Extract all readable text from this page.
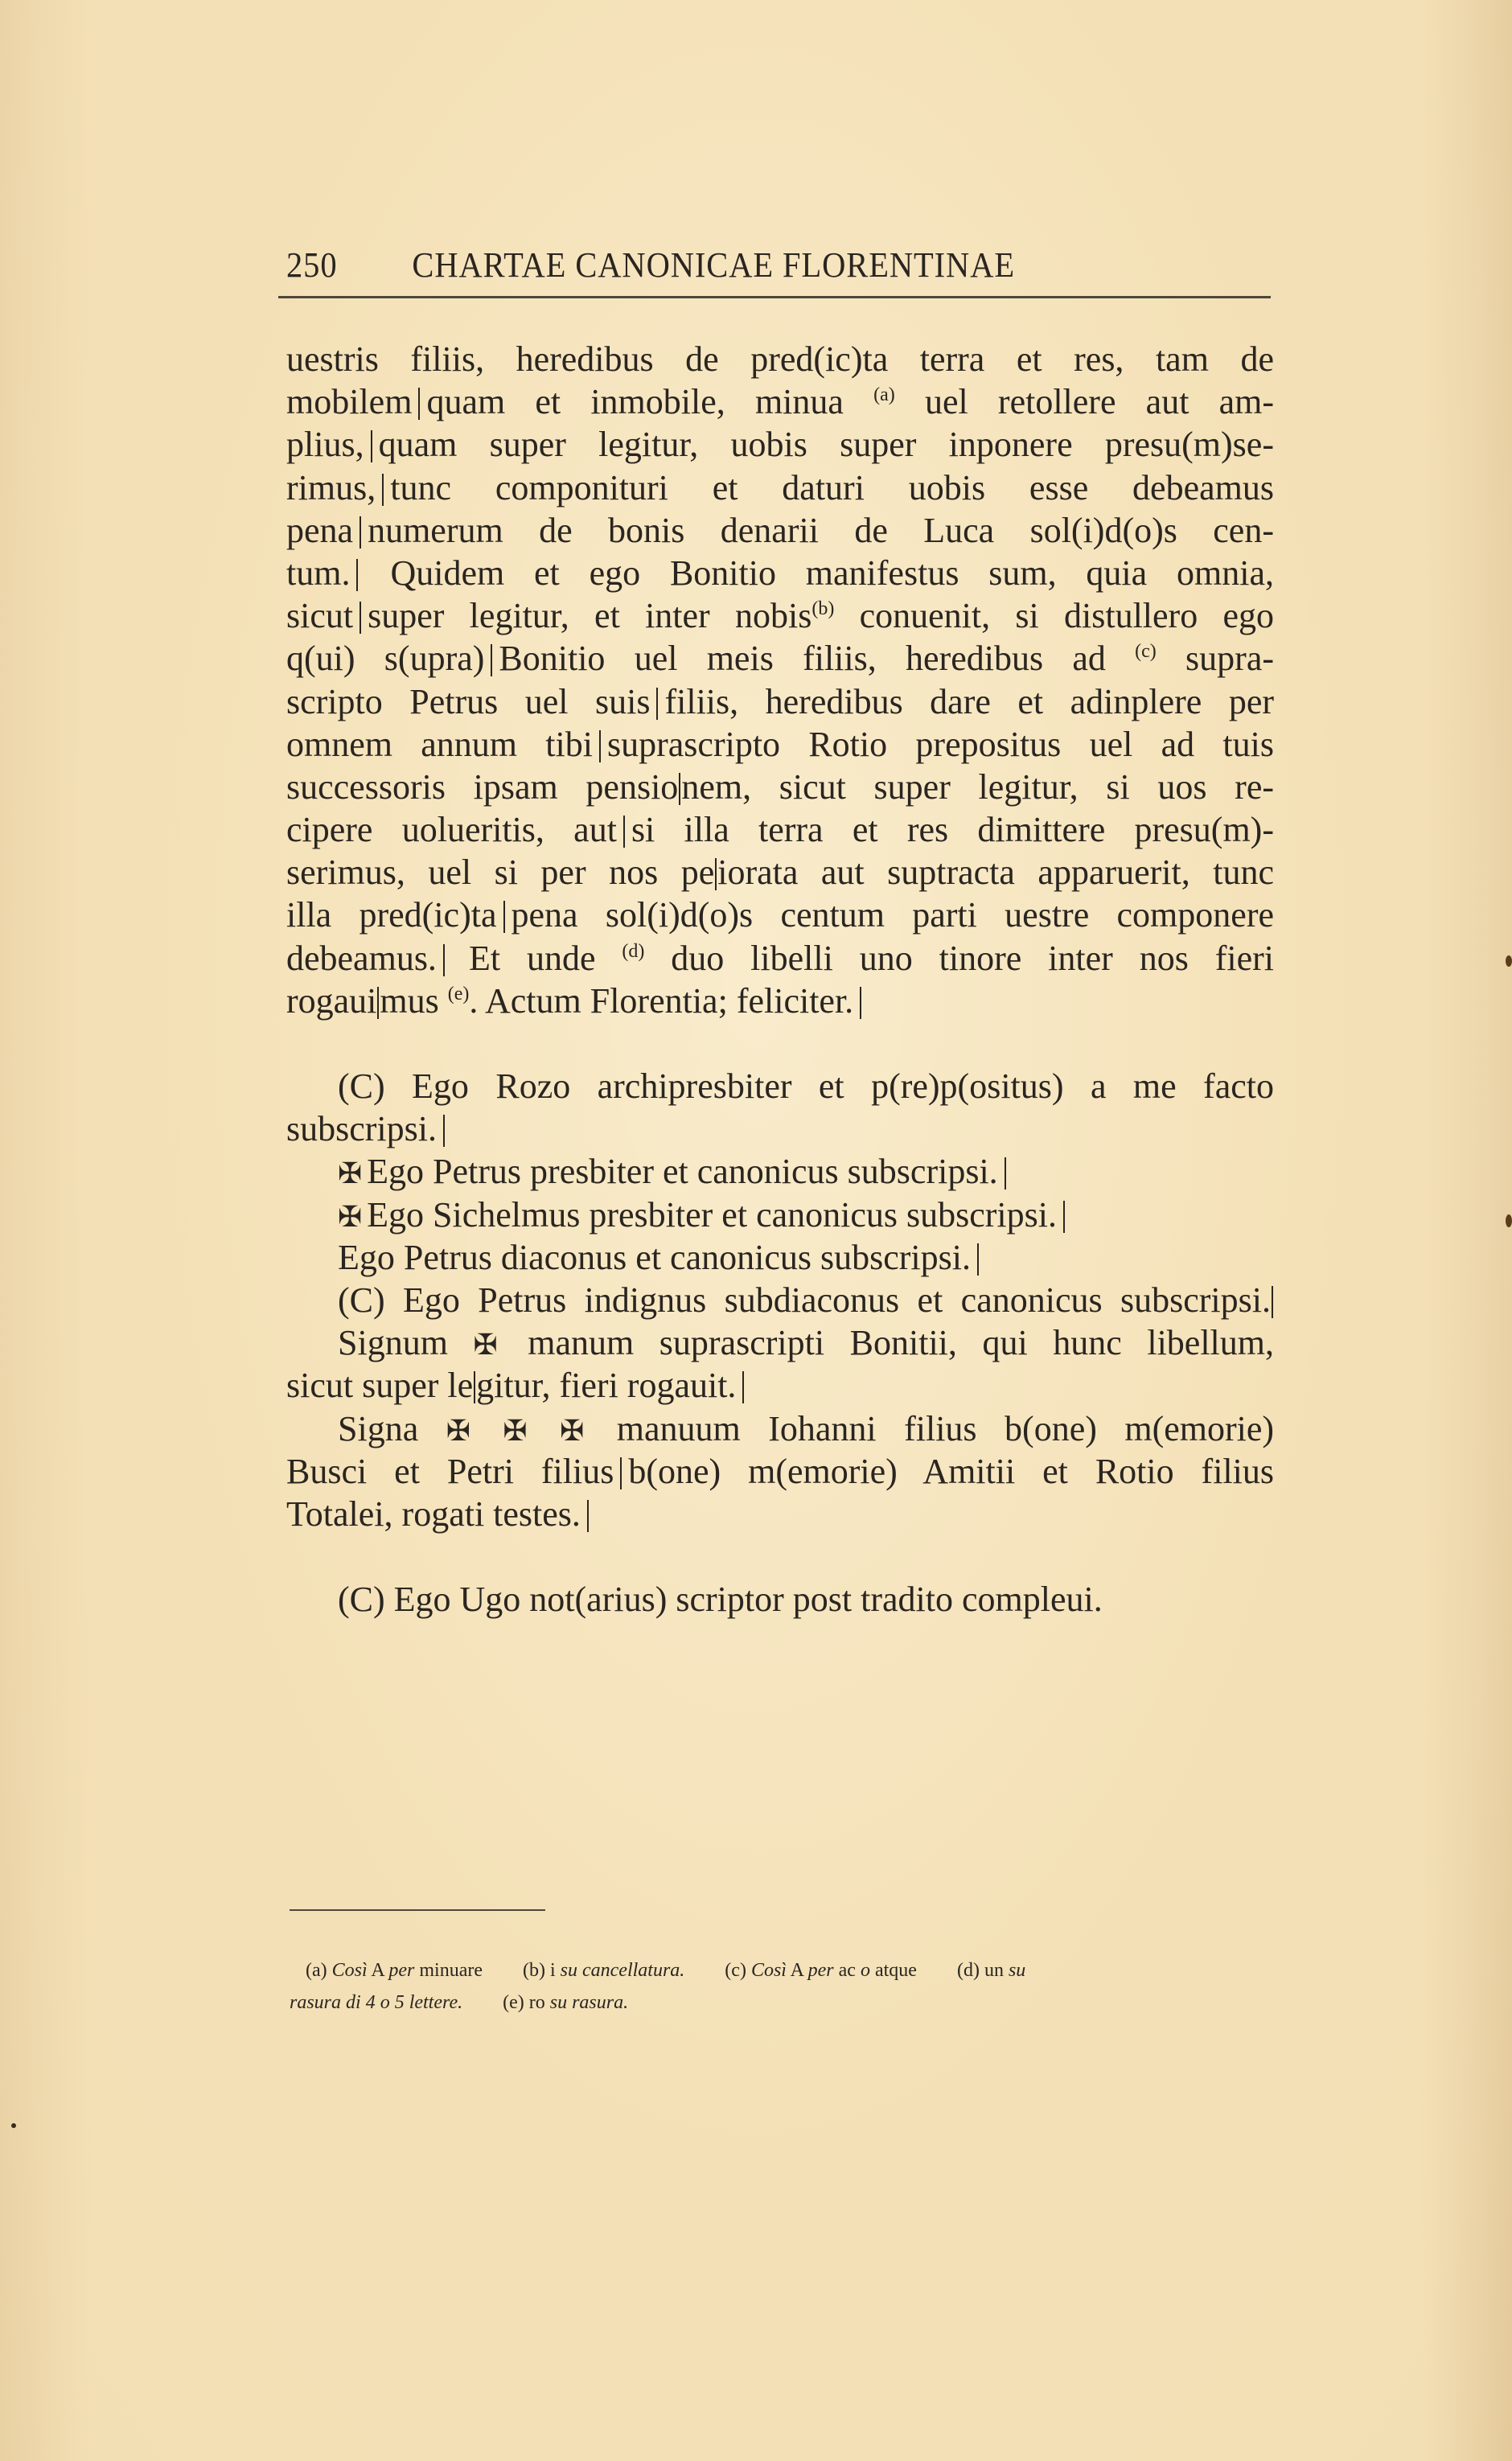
250 CHARTAE CANONICAE FLORENTINAE
uestris filiis, heredibus de pred(ic)ta terra et res, tam de
mobilem quam et inmobile, minua $^{(a)}$ uel retollere aut am-
plius, quam super legitur, uobis super inponere presu(m)se-
rimus, tunc componituri et daturi uobis esse debeamus
pena numerum de bonis denarii de Luca sol(i)d(o)s cen-
tum. Quidem et ego Bonitio manifestus sum, quia omnia,
sicut super legitur, et inter nobis$^{(b)}$ conuenit, si distullero ego
q(ui) s(upra) Bonitio uel meis filiis, heredibus ad $^{(c)}$ supra-
scripto Petrus uel suis filiis, heredibus dare et adinplere per
omnem annum tibi suprascripto Rotio prepositus uel ad tuis
successoris ipsam pensionem, sicut super legitur, si uos re-
cipere uolueritis, aut si illa terra et res dimittere presu(m)-
serimus, uel si per nos peiorata aut suptracta apparuerit, tunc
illa pred(ic)ta pena sol(i)d(o)s centum parti uestre componere
debeamus. Et unde $^{(d)}$ duo libelli uno tinore inter nos fieri
rogauimus $^{(e)}$. Actum Florentia; feliciter.
(C) Ego Rozo archipresbiter et p(re)p(ositus) a me facto
subscripsi.
✠ Ego Petrus presbiter et canonicus subscripsi.
✠ Ego Sichelmus presbiter et canonicus subscripsi.
Ego Petrus diaconus et canonicus subscripsi.
(C) Ego Petrus indignus subdiaconus et canonicus subscripsi.
Signum ✠ manum suprascripti Bonitii, qui hunc libellum,
sicut super legitur, fieri rogauit.
Signa ✠ ✠ ✠ manuum Iohanni filius b(one) m(emorie)
Busci et Petri filius b(one) m(emorie) Amitii et Rotio filius
Totalei, rogati testes.
(C) Ego Ugo not(arius) scriptor post tradito compleui.
(a) Così A per minuare (b) i su cancellatura. (c) Così A per ac o atque (d) un su
rasura di 4 o 5 lettere. (e) ro su rasura.
